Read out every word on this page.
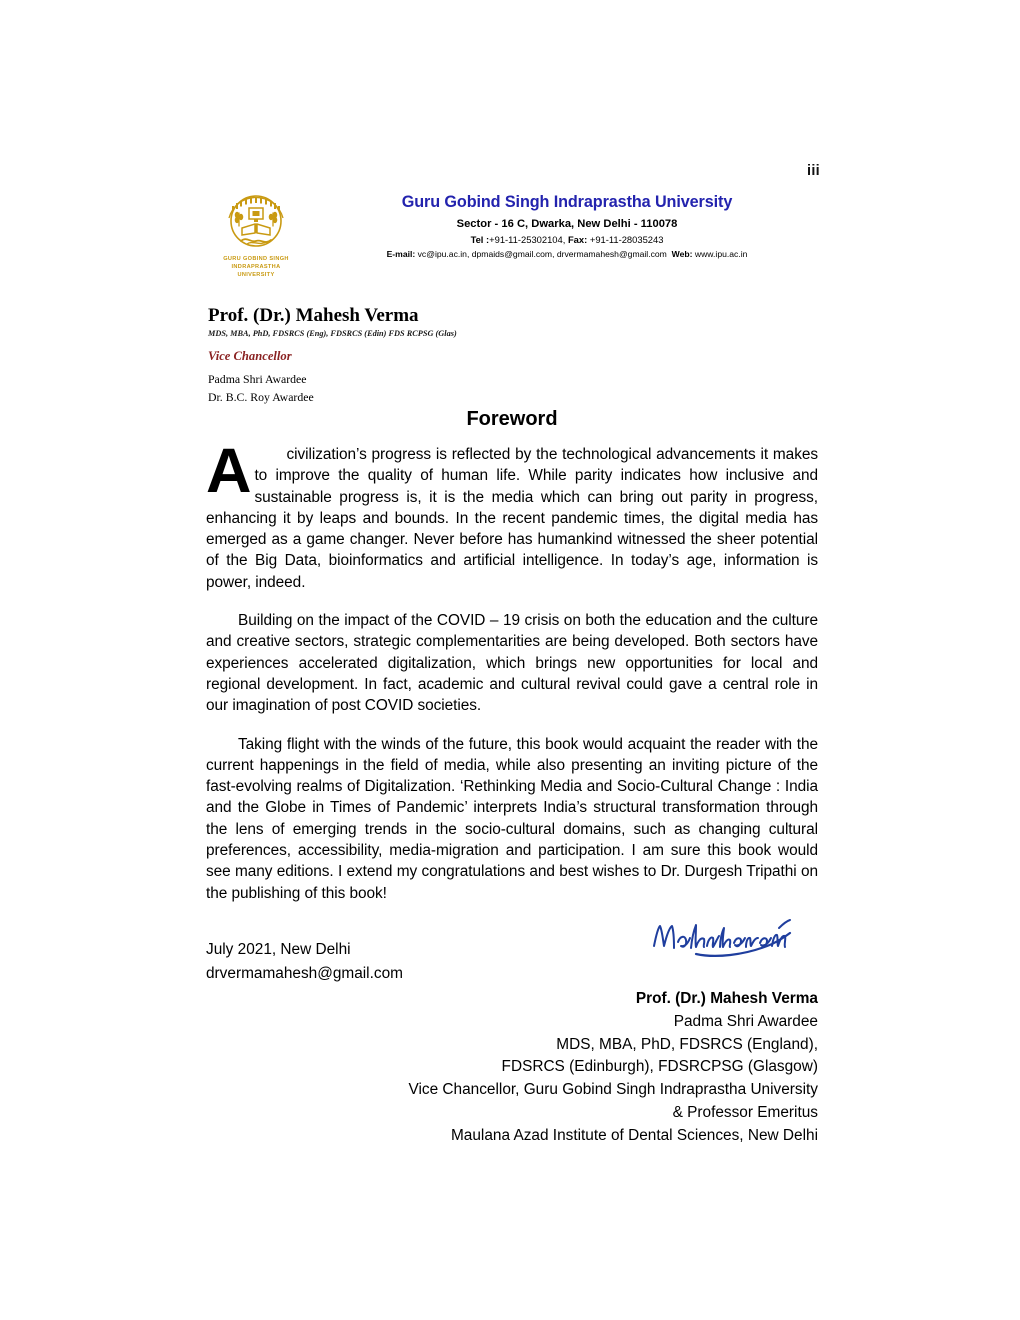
iii
GURU GOBIND SINGH
INDRAPRASTHA
UNIVERSITY
Guru Gobind Singh Indraprastha University
Sector - 16 C, Dwarka, New Delhi - 110078
Tel :+91-11-25302104, Fax: +91-11-28035243
E-mail: vc@ipu.ac.in, dpmaids@gmail.com, drvermamahesh@gmail.com Web: www.ipu.ac.in
Prof. (Dr.) Mahesh Verma
MDS, MBA, PhD, FDSRCS (Eng), FDSRCS (Edin) FDS RCPSG (Glas)
Vice Chancellor
Padma Shri Awardee
Dr. B.C. Roy Awardee
Foreword

A civilization’s progress is reflected by the technological advancements it makes to improve the quality of human life. While parity indicates how inclusive and sustainable progress is, it is the media which can bring out parity in progress, enhancing it by leaps and bounds. In the recent pandemic times, the digital media has emerged as a game changer. Never before has humankind witnessed the sheer potential of the Big Data, bioinformatics and artificial intelligence. In today’s age, information is power, indeed.

Building on the impact of the COVID – 19 crisis on both the education and the culture and creative sectors, strategic complementarities are being developed. Both sectors have experiences accelerated digitalization, which brings new opportunities for local and regional development. In fact, academic and cultural revival could gave a central role in our imagination of post COVID societies.

Taking flight with the winds of the future, this book would acquaint the reader with the current happenings in the field of media, while also presenting an inviting picture of the fast-evolving realms of Digitalization. ‘Rethinking Media and Socio-Cultural Change : India and the Globe in Times of Pandemic’ interprets India’s structural transformation through the lens of emerging trends in the socio-cultural domains, such as changing cultural preferences, accessibility, media-migration and participation. I am sure this book would see many editions. I extend my congratulations and best wishes to Dr. Durgesh Tripathi on the publishing of this book!

July 2021, New Delhi
drvermamahesh@gmail.com
Prof. (Dr.) Mahesh Verma
Padma Shri Awardee
MDS, MBA, PhD, FDSRCS (England),
FDSRCS (Edinburgh), FDSRCPSG (Glasgow)
Vice Chancellor, Guru Gobind Singh Indraprastha University
& Professor Emeritus
Maulana Azad Institute of Dental Sciences, New Delhi
